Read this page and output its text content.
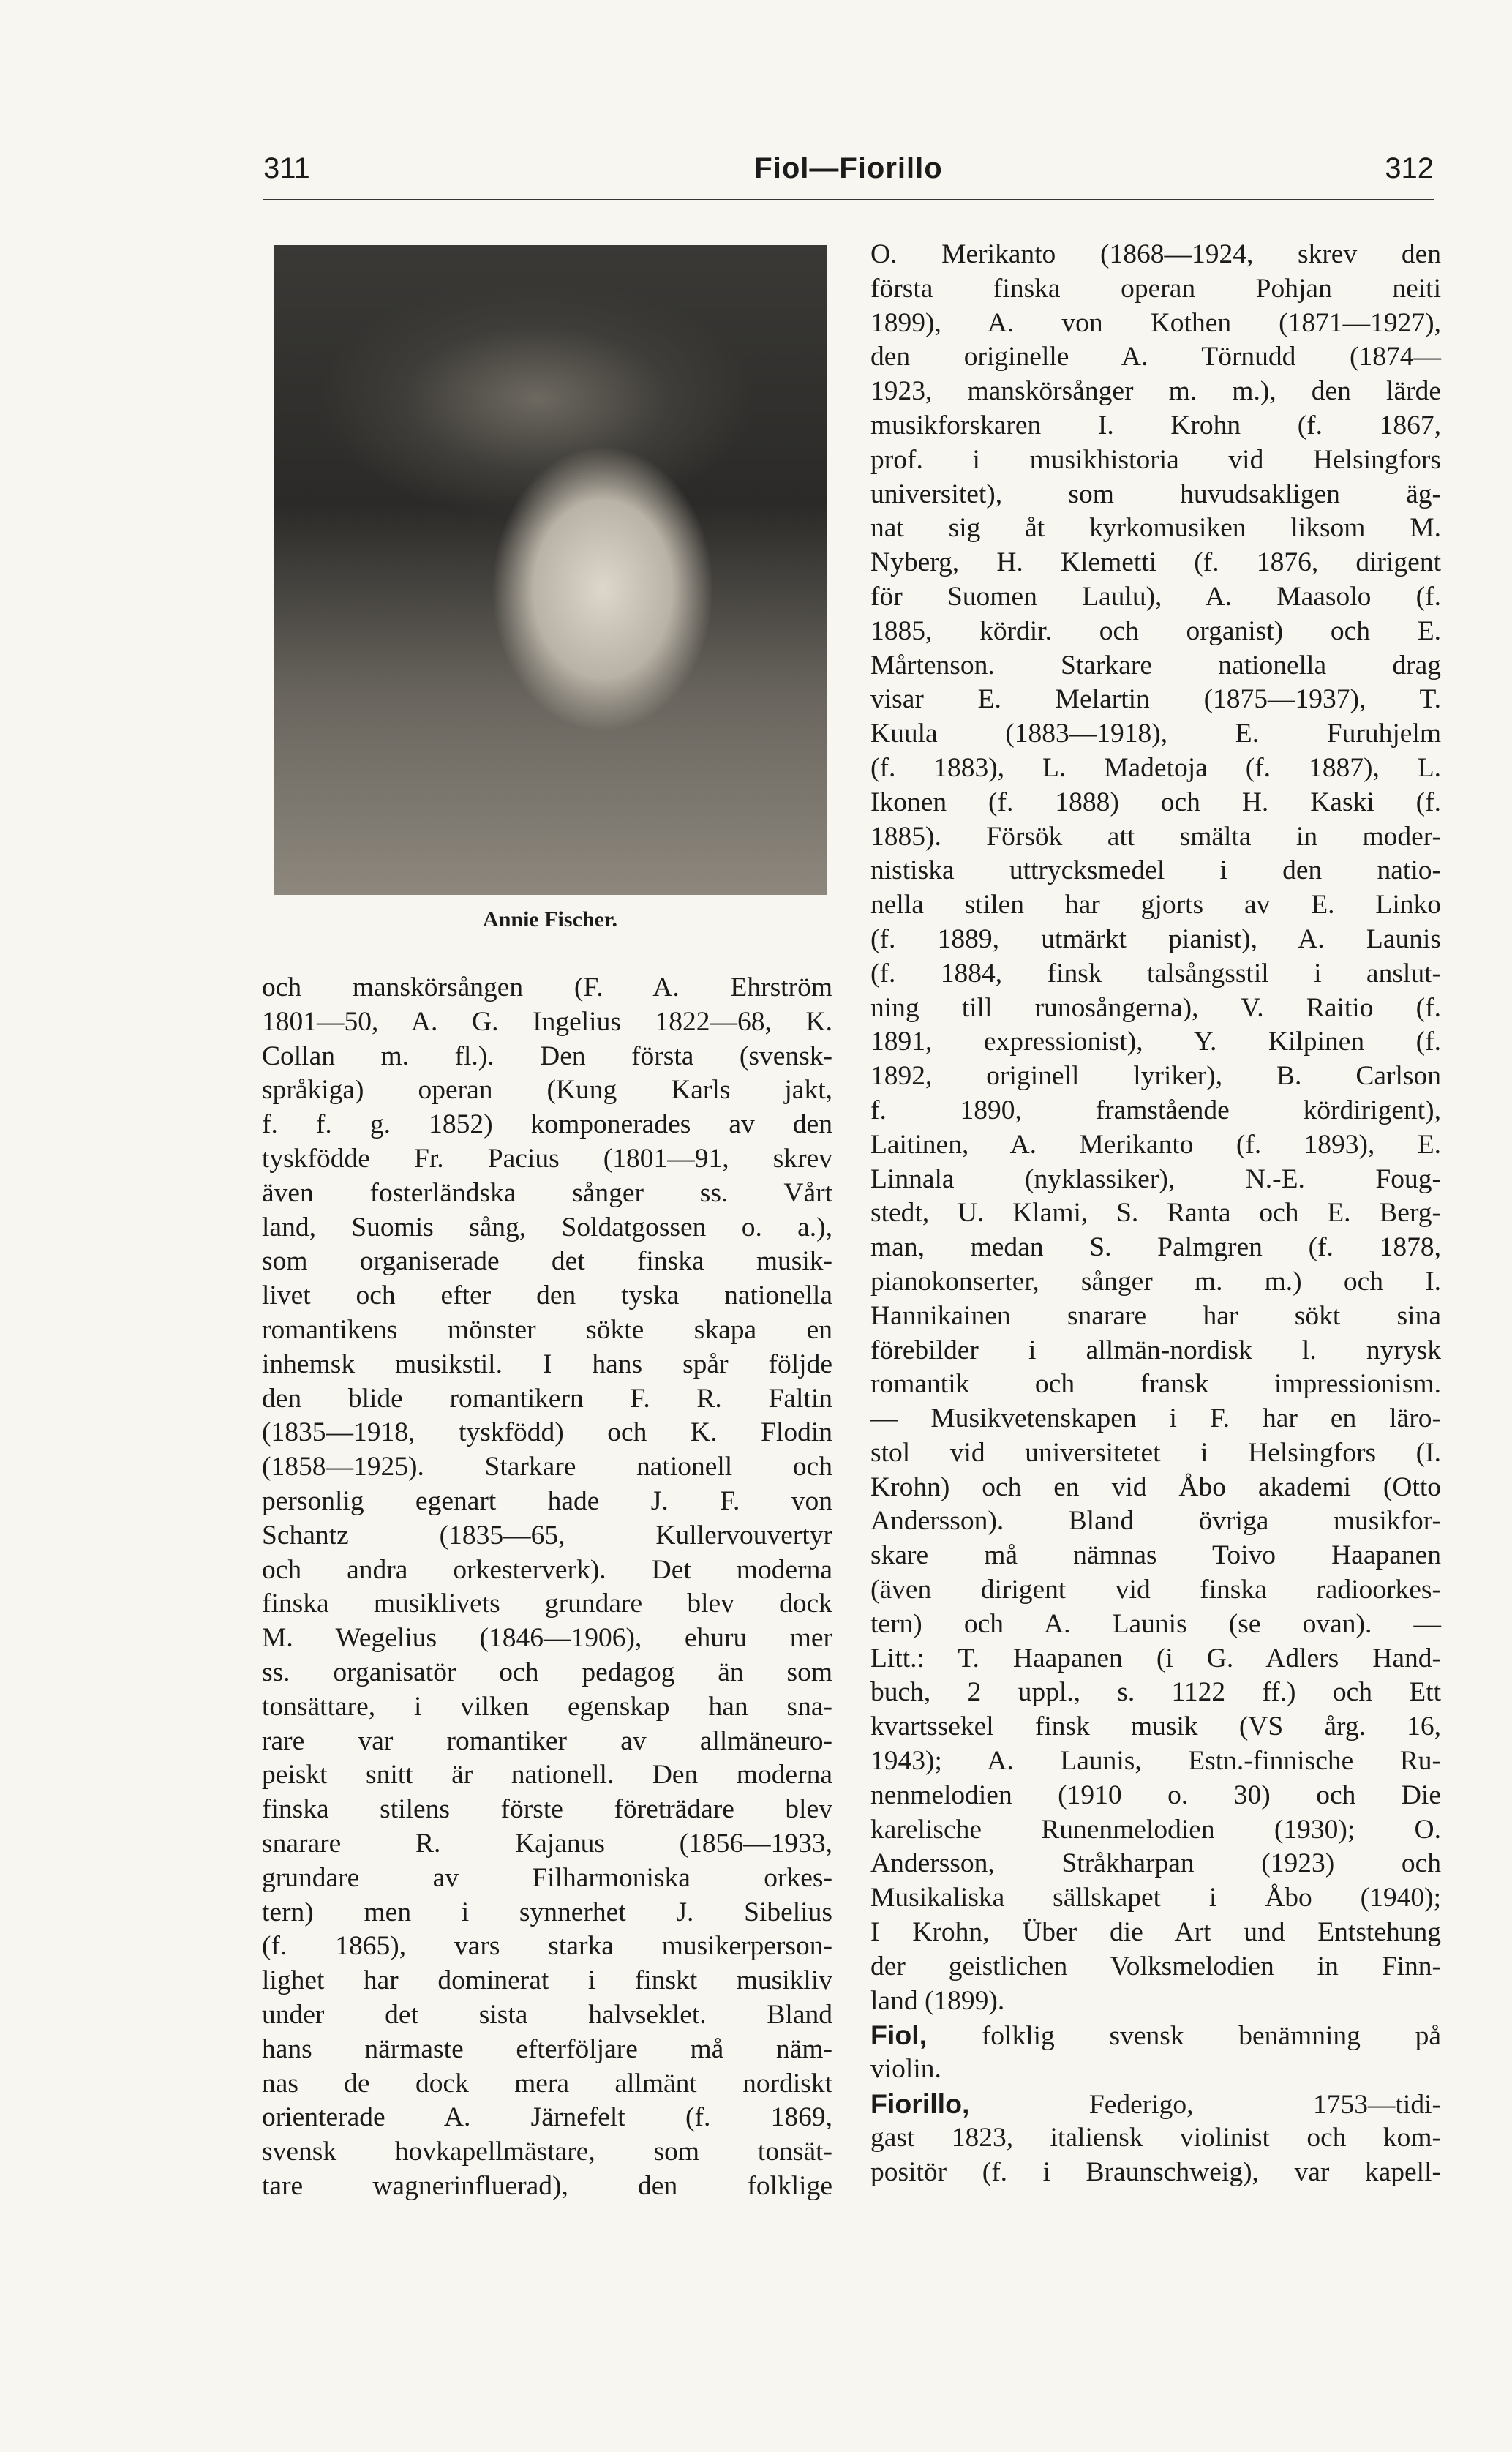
311	Fiol—Fiorillo	312
Annie Fischer.
och manskörsången (F. A. Ehrström
1801—50, A. G. Ingelius 1822—68, K.
Collan m. fl.). Den första (svensk-
språkiga) operan (Kung Karls jakt,
f. f. g. 1852) komponerades av den
tyskfödde Fr. Pacius (1801—91, skrev
även fosterländska sånger ss. Vårt
land, Suomis sång, Soldatgossen o. a.),
som organiserade det finska musik-
livet och efter den tyska nationella
romantikens mönster sökte skapa en
inhemsk musikstil. I hans spår följde
den blide romantikern F. R. Faltin
(1835—1918, tyskfödd) och K. Flodin
(1858—1925). Starkare nationell och
personlig egenart hade J. F. von
Schantz (1835—65, Kullervouvertyr
och andra orkesterverk). Det moderna
finska musiklivets grundare blev dock
M. Wegelius (1846—1906), ehuru mer
ss. organisatör och pedagog än som
tonsättare, i vilken egenskap han sna-
rare var romantiker av allmäneuro-
peiskt snitt är nationell. Den moderna
finska stilens förste företrädare blev
snarare R. Kajanus (1856—1933,
grundare av Filharmoniska orkes-
tern) men i synnerhet J. Sibelius
(f. 1865), vars starka musikerperson-
lighet har dominerat i finskt musikliv
under det sista halvseklet. Bland
hans närmaste efterföljare må näm-
nas de dock mera allmänt nordiskt
orienterade A. Järnefelt (f. 1869,
svensk hovkapellmästare, som tonsät-
tare wagnerinfluerad), den folklige
O. Merikanto (1868—1924, skrev den
första finska operan Pohjan neiti
1899), A. von Kothen (1871—1927),
den originelle A. Törnudd (1874—
1923, manskörsånger m. m.), den lärde
musikforskaren I. Krohn (f. 1867,
prof. i musikhistoria vid Helsingfors
universitet), som huvudsakligen äg-
nat sig åt kyrkomusiken liksom M.
Nyberg, H. Klemetti (f. 1876, dirigent
för Suomen Laulu), A. Maasolo (f.
1885, kördir. och organist) och E.
Mårtenson. Starkare nationella drag
visar E. Melartin (1875—1937), T.
Kuula (1883—1918), E. Furuhjelm
(f. 1883), L. Madetoja (f. 1887), L.
Ikonen (f. 1888) och H. Kaski (f.
1885). Försök att smälta in moder-
nistiska uttrycksmedel i den natio-
nella stilen har gjorts av E. Linko
(f. 1889, utmärkt pianist), A. Launis
(f. 1884, finsk talsångsstil i anslut-
ning till runosångerna), V. Raitio (f.
1891, expressionist), Y. Kilpinen (f.
1892, originell lyriker), B. Carlson
f. 1890, framstående kördirigent),
Laitinen, A. Merikanto (f. 1893), E.
Linnala (nyklassiker), N.-E. Foug-
stedt, U. Klami, S. Ranta och E. Berg-
man, medan S. Palmgren (f. 1878,
pianokonserter, sånger m. m.) och I.
Hannikainen snarare har sökt sina
förebilder i allmän-nordisk l. nyrysk
romantik och fransk impressionism.
— Musikvetenskapen i F. har en läro-
stol vid universitetet i Helsingfors (I.
Krohn) och en vid Åbo akademi (Otto
Andersson). Bland övriga musikfor-
skare må nämnas Toivo Haapanen
(även dirigent vid finska radioorkes-
tern) och A. Launis (se ovan). —
Litt.: T. Haapanen (i G. Adlers Hand-
buch, 2 uppl., s. 1122 ff.) och Ett
kvartssekel finsk musik (VS årg. 16,
1943); A. Launis, Estn.-finnische Ru-
nenmelodien (1910 o. 30) och Die
karelische Runenmelodien (1930); O.
Andersson, Stråkharpan (1923) och
Musikaliska sällskapet i Åbo (1940);
I Krohn, Über die Art und Entstehung
der geistlichen Volksmelodien in Finn-
land (1899).
Fiol, folklig svensk benämning på
violin.
Fiorillo,	Federigo, 1753—tidi-
gast 1823, italiensk violinist och kom-
positör (f. i Braunschweig), var kapell-
